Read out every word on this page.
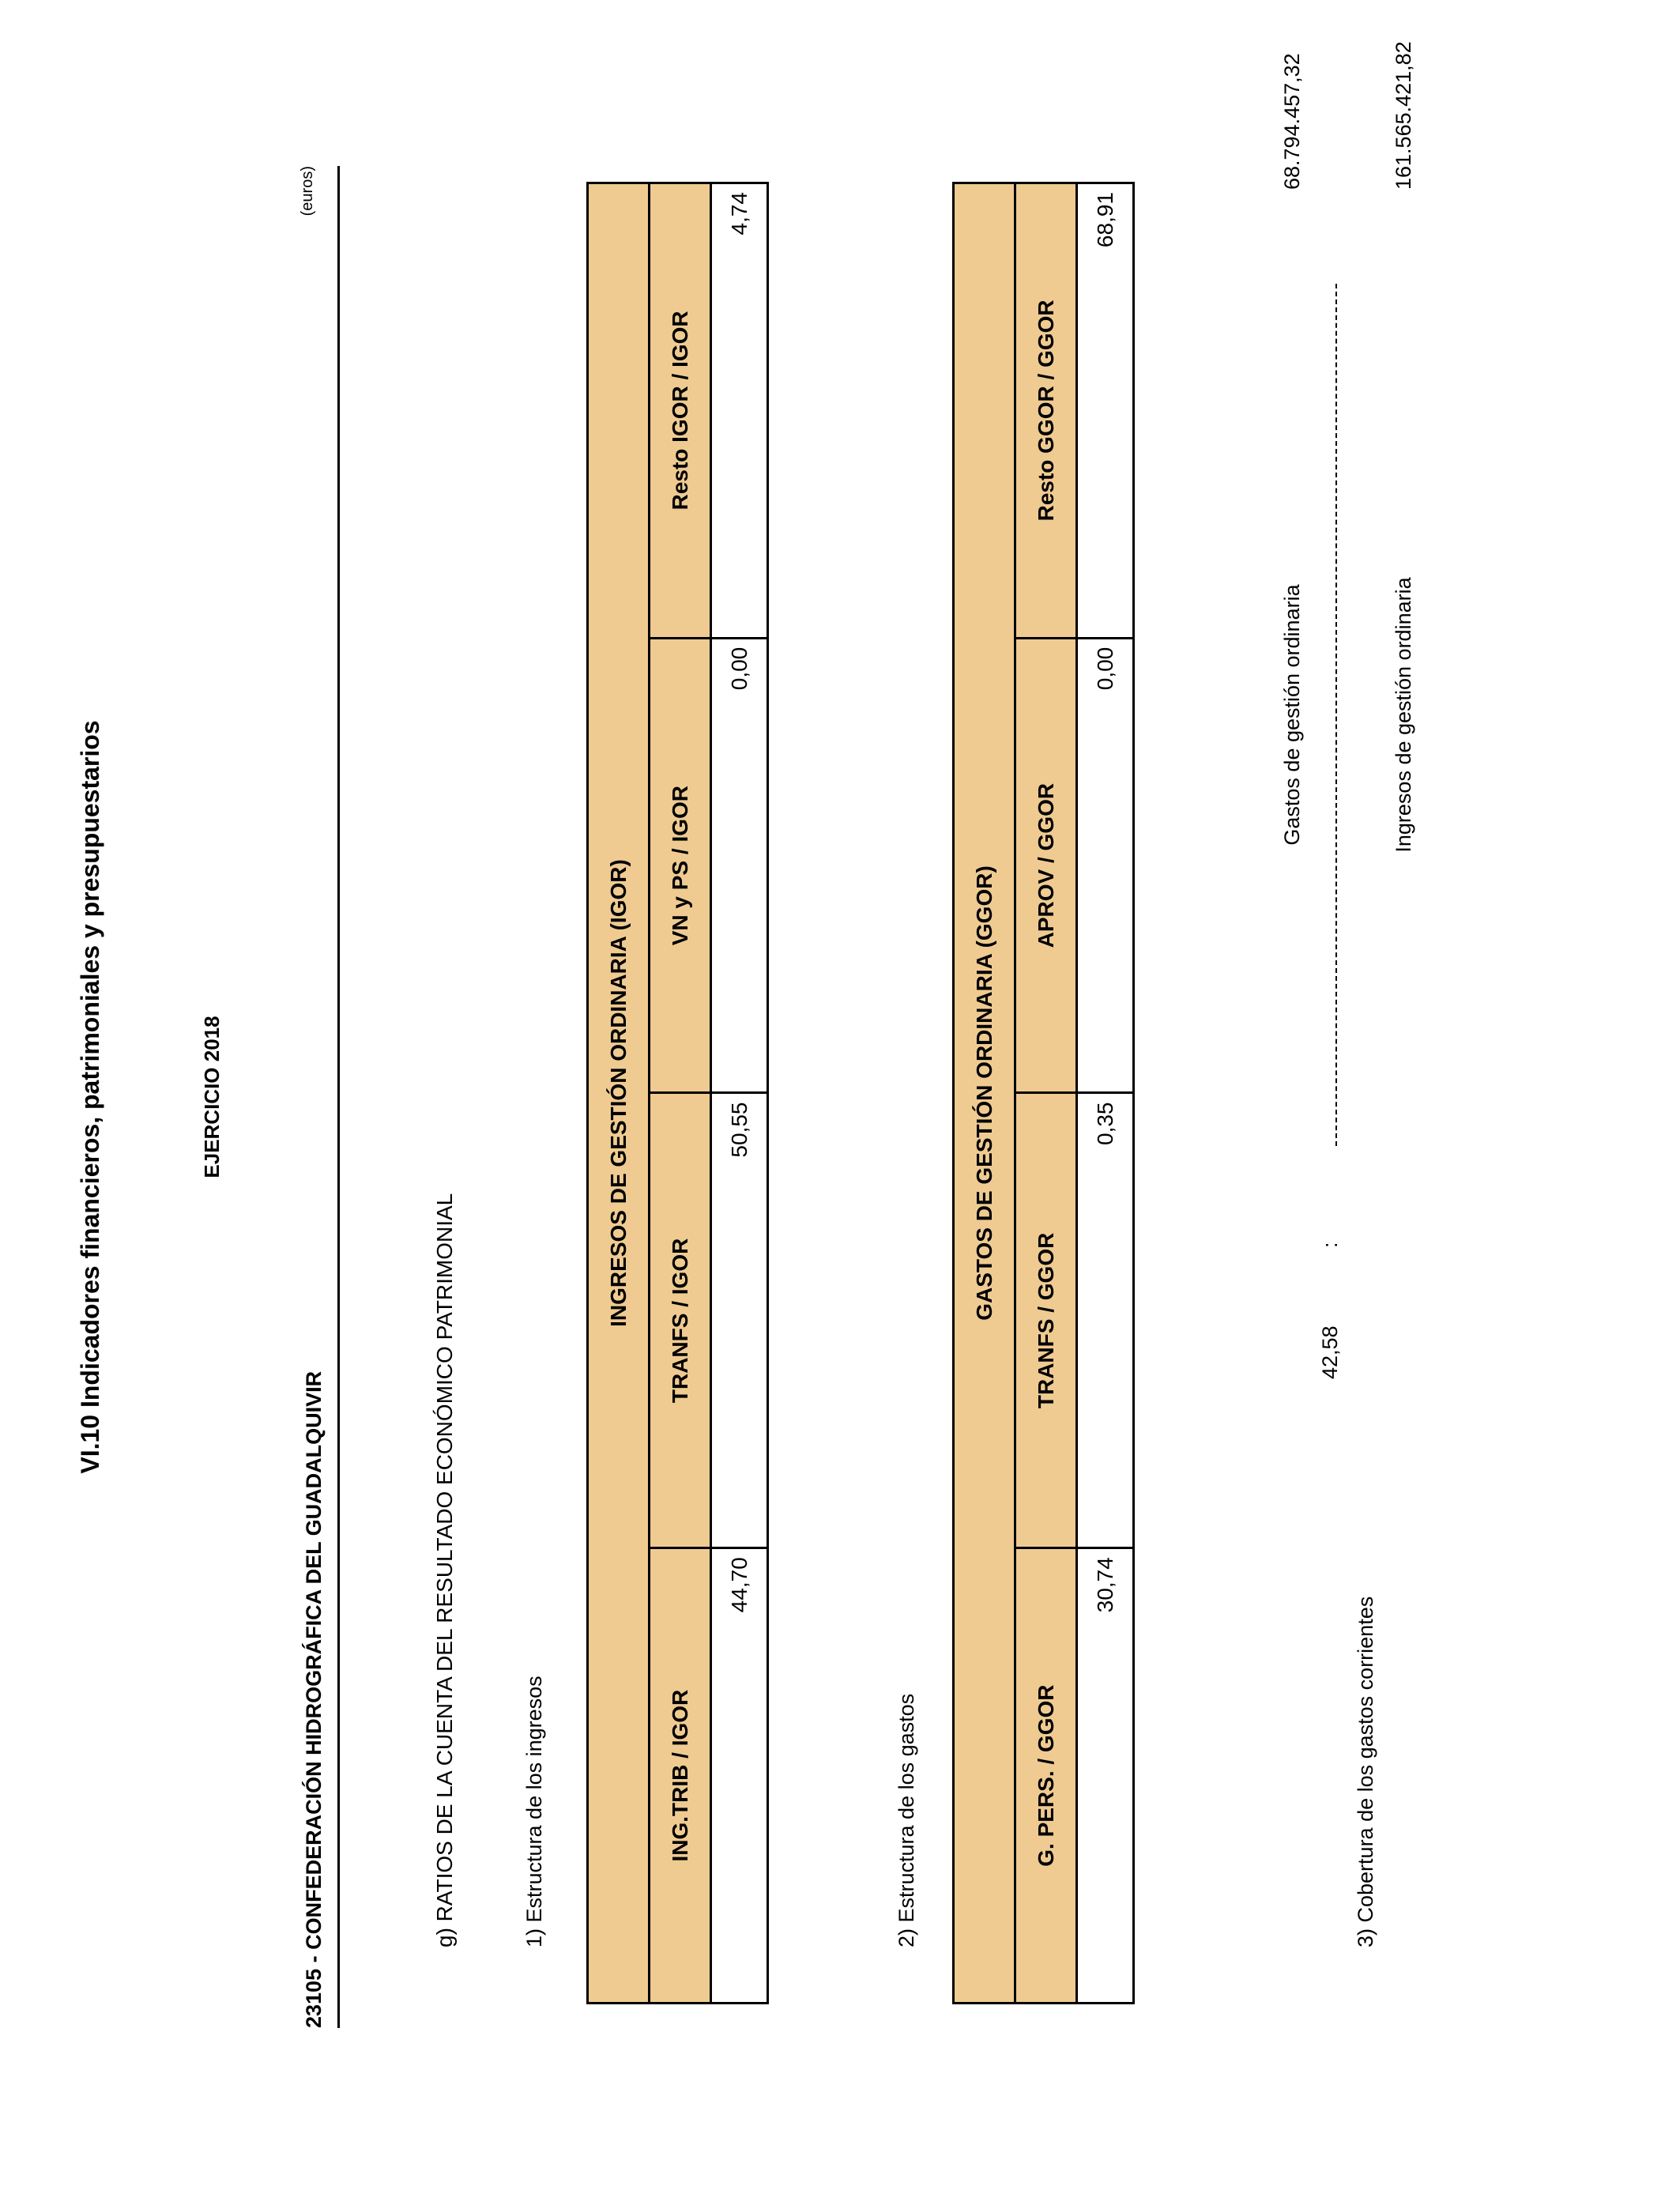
VI.10 Indicadores financieros, patrimoniales y presupuestarios	EJERCICIO 2018
23105 - CONFEDERACIÓN HIDROGRÁFICA DEL GUADALQUIVIR
(euros)
g) RATIOS DE LA CUENTA DEL RESULTADO ECONÓMICO PATRIMONIAL	1) Estructura de los ingresos
INGRESOS DE GESTIÓN ORDINARIA (IGOR)			
ING.TRIB / IGOR	TRANFS / IGOR	VN y PS / IGOR	Resto IGOR / IGOR
44,70	50,55	0,00	4,74
2) Estructura de los gastos
GASTOS DE GESTIÓN ORDINARIA (GGOR)			
G. PERS. / GGOR	TRANFS / GGOR	APROV / GGOR	Resto GGOR / GGOR
30,74	0,35	0,00	68,91
3) Cobertura de los gastos corrientes
42,58
:
Gastos de gestión ordinaria	Ingresos de gestión ordinaria
68.794.457,32	161.565.421,82
